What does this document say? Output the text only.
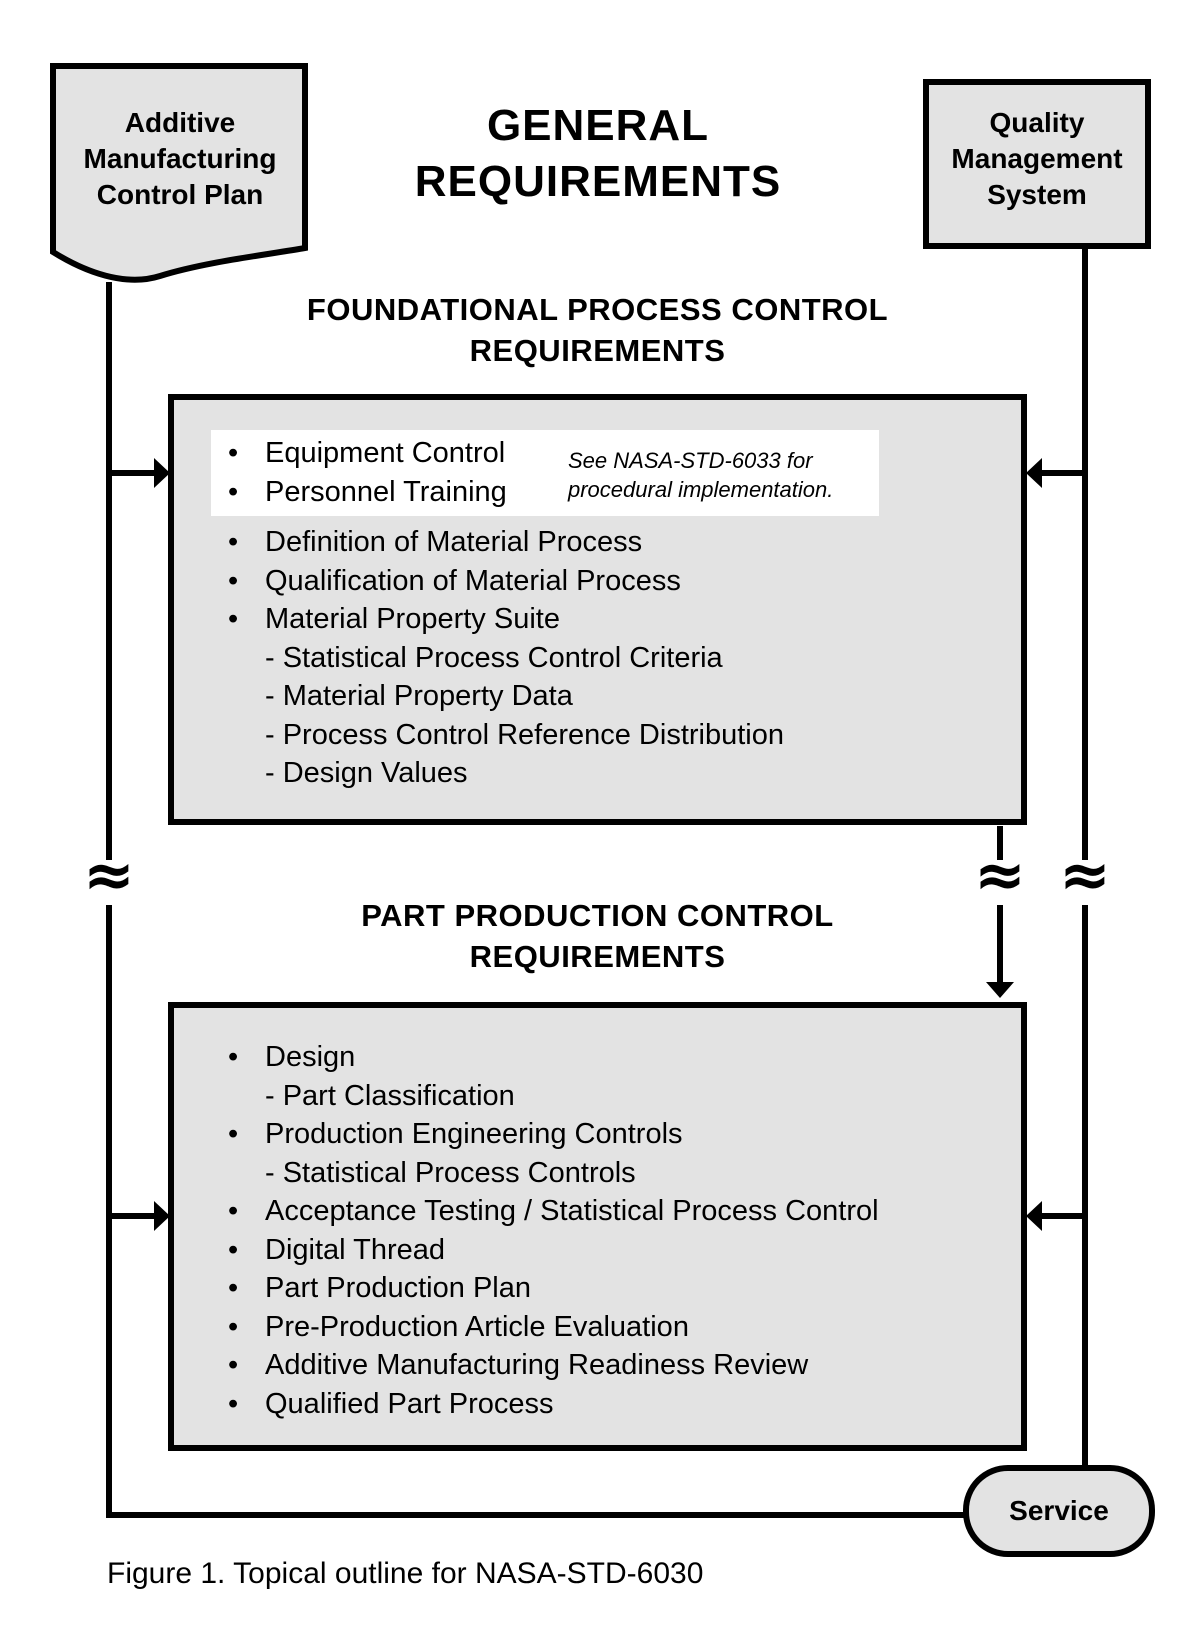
≈	≈ ≈
Additive
Manufacturing
Control Plan
Quality
Management
System
GENERAL
REQUIREMENTS
FOUNDATIONAL PROCESS CONTROL
REQUIREMENTS
• Equipment Control
• Personnel Training
See NASA-STD-6033 for
procedural implementation.
• Definition of Material Process
• Qualification of Material Process
• Material Property Suite
- Statistical Process Control Criteria
- Material Property Data
- Process Control Reference Distribution
- Design Values
PART PRODUCTION CONTROL
REQUIREMENTS
• Design
- Part Classification
• Production Engineering Controls
- Statistical Process Controls
• Acceptance Testing / Statistical Process Control
• Digital Thread
• Part Production Plan
• Pre-Production Article Evaluation
• Additive Manufacturing Readiness Review
• Qualified Part Process
Service
Figure 1. Topical outline for NASA-STD-6030
